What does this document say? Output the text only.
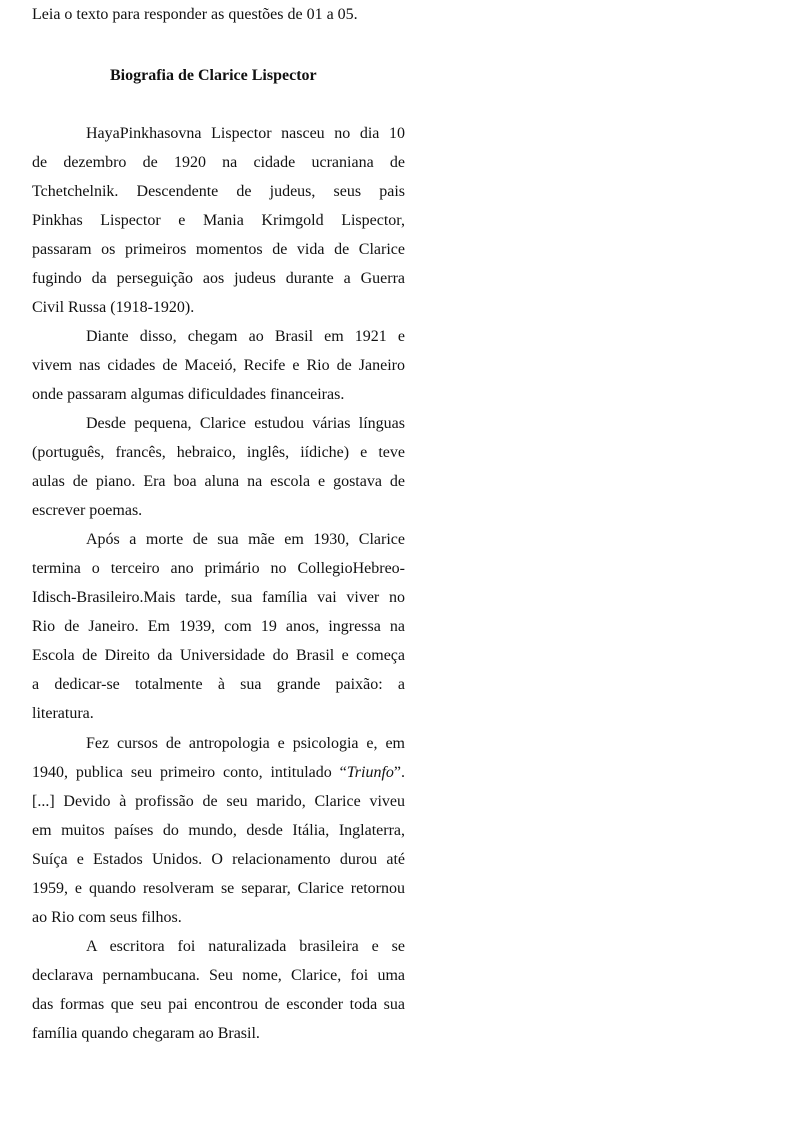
Leia o texto para responder as questões de 01 a 05.
Biografia de Clarice Lispector
HayaPinkhasovna Lispector nasceu no dia 10
de dezembro de 1920 na cidade ucraniana de
Tchetchelnik. Descendente de judeus, seus pais
Pinkhas Lispector e Mania Krimgold Lispector,
passaram os primeiros momentos de vida de Clarice
fugindo da perseguição aos judeus durante a Guerra
Civil Russa (1918-1920).
Diante disso, chegam ao Brasil em 1921 e
vivem nas cidades de Maceió, Recife e Rio de Janeiro
onde passaram algumas dificuldades financeiras.
Desde pequena, Clarice estudou várias línguas
(português, francês, hebraico, inglês, iídiche) e teve
aulas de piano. Era boa aluna na escola e gostava de
escrever poemas.
Após a morte de sua mãe em 1930, Clarice
termina o terceiro ano primário no CollegioHebreo-
Idisch-Brasileiro.Mais tarde, sua família vai viver no
Rio de Janeiro. Em 1939, com 19 anos, ingressa na
Escola de Direito da Universidade do Brasil e começa
a dedicar-se totalmente à sua grande paixão: a
literatura.
Fez cursos de antropologia e psicologia e, em
1940, publica seu primeiro conto, intitulado “Triunfo”.
[...] Devido à profissão de seu marido, Clarice viveu
em muitos países do mundo, desde Itália, Inglaterra,
Suíça e Estados Unidos. O relacionamento durou até
1959, e quando resolveram se separar, Clarice retornou
ao Rio com seus filhos.
A escritora foi naturalizada brasileira e se
declarava pernambucana. Seu nome, Clarice, foi uma
das formas que seu pai encontrou de esconder toda sua
família quando chegaram ao Brasil.
